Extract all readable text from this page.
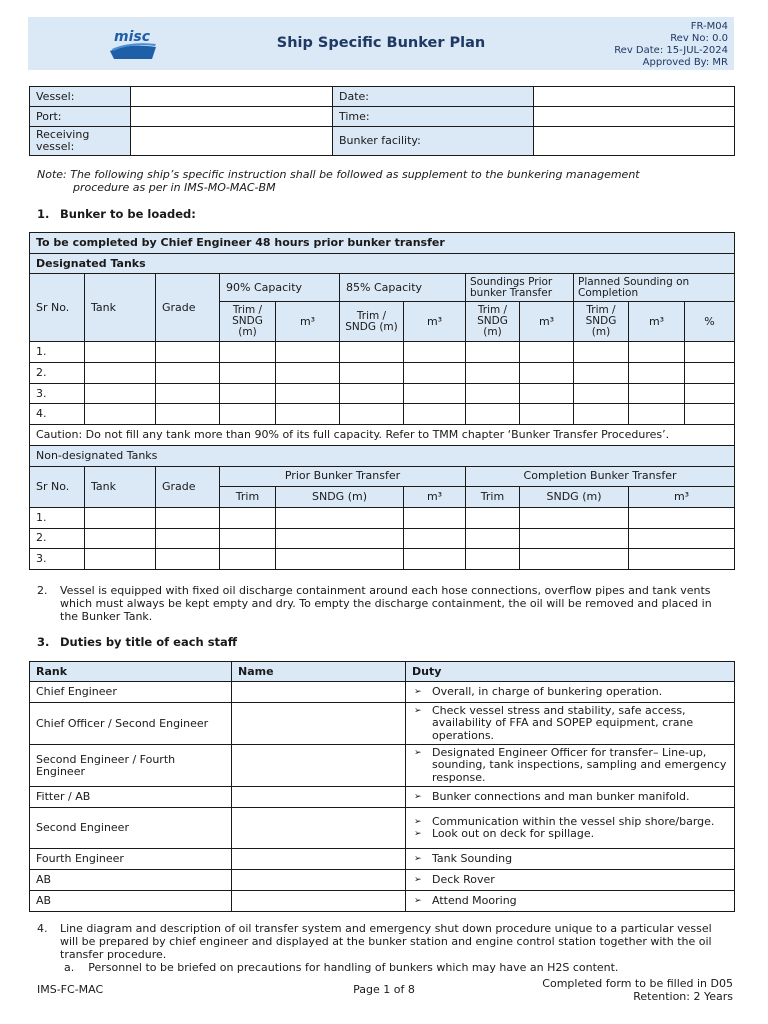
misc	Ship Specific Bunker Plan
FR-M04
Rev No: 0.0
Rev Date: 15-JUL-2024
Approved By: MR
Vessel:		Date:	
Port:		Time:	
Receiving
vessel:		Bunker facility:	
Note: The following ship’s specific instruction shall be followed as supplement to the bunkering management
procedure as per in IMS-MO-MAC-BM
1. Bunker to be loaded:
To be completed by Chief Engineer 48 hours prior bunker transfer											
Designated Tanks											
Sr No.	Tank	Grade	90% Capacity		85% Capacity		Soundings Prior bunker Transfer		Planned Sounding on Completion		
			Trim / SNDG (m)	m³	Trim / SNDG (m)	m³	Trim / SNDG (m)	m³	Trim / SNDG (m)	m³	%
1.											
2.											
3.											
4.											
Caution: Do not fill any tank more than 90% of its full capacity. Refer to TMM chapter ‘Bunker Transfer Procedures’.											
Non-designated Tanks											
Sr No.	Tank	Grade	Prior Bunker Transfer				Completion Bunker Transfer				
			Trim	SNDG (m)		m³	Trim	SNDG (m)		m³	
1.											
2.											
3.											
2.	Vessel is equipped with fixed oil discharge containment around each hose connections, overflow pipes and tank vents which must always be kept empty and dry. To empty the discharge containment, the oil will be removed and placed in the Bunker Tank.
3. Duties by title of each staff
Rank	Name	Duty
Chief Engineer		➢ Overall, in charge of bunkering operation.

Chief Officer / Second Engineer		➢ Check vessel stress and stability, safe access, availability of FFA and SOPEP equipment, crane operations.

Second Engineer / Fourth Engineer		➢ Designated Engineer Officer for transfer– Line-up, sounding, tank inspections, sampling and emergency response.

Fitter / AB		➢ Bunker connections and man bunker manifold.

Second Engineer		➢ Communication within the vessel ship shore/barge.
➢ Look out on deck for spillage.

Fourth Engineer		➢ Tank Sounding

AB		➢ Deck Rover

AB		➢ Attend Mooring
4.	Line diagram and description of oil transfer system and emergency shut down procedure unique to a particular vessel will be prepared by chief engineer and displayed at the bunker station and engine control station together with the oil transfer procedure.
a.    Personnel to be briefed on precautions for handling of bunkers which may have an H2S content.
IMS-FC-MAC	Page 1 of 8	Completed form to be filled in D05
Retention: 2 Years
